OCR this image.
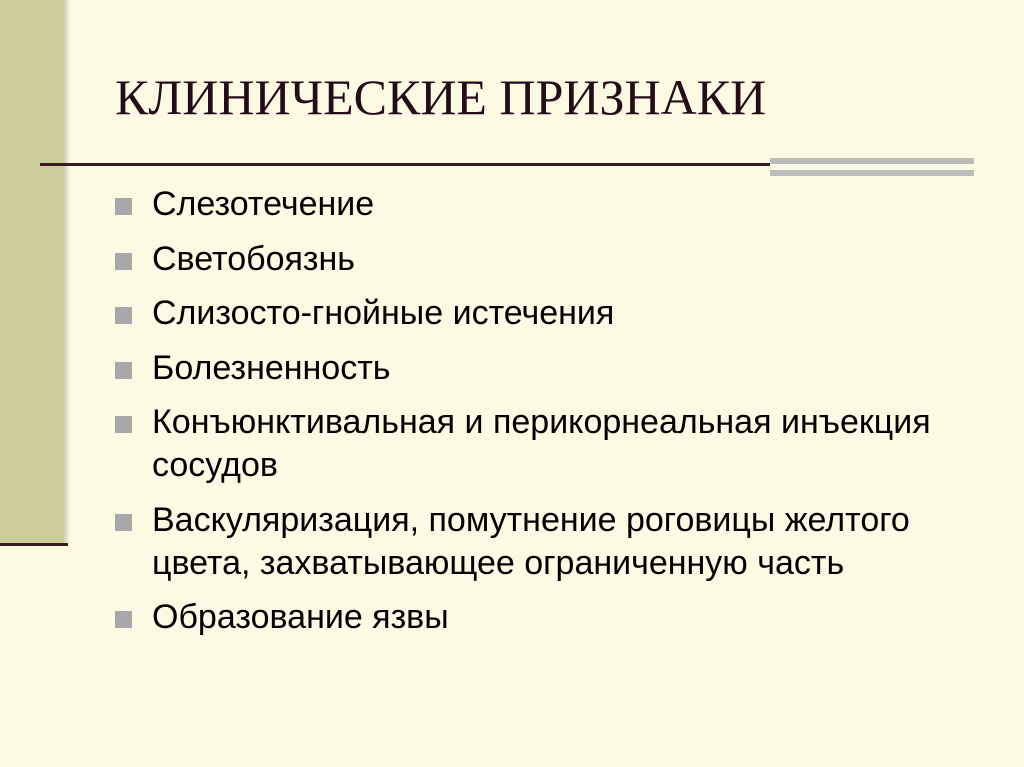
КЛИНИЧЕСКИЕ ПРИЗНАКИ
Слезотечение
Светобоязнь
Слизосто-гнойные истечения
Болезненность
Конъюнктивальная и перикорнеальная инъекция сосудов
Васкуляризация, помутнение роговицы желтого цвета, захватывающее ограниченную часть
Образование язвы
